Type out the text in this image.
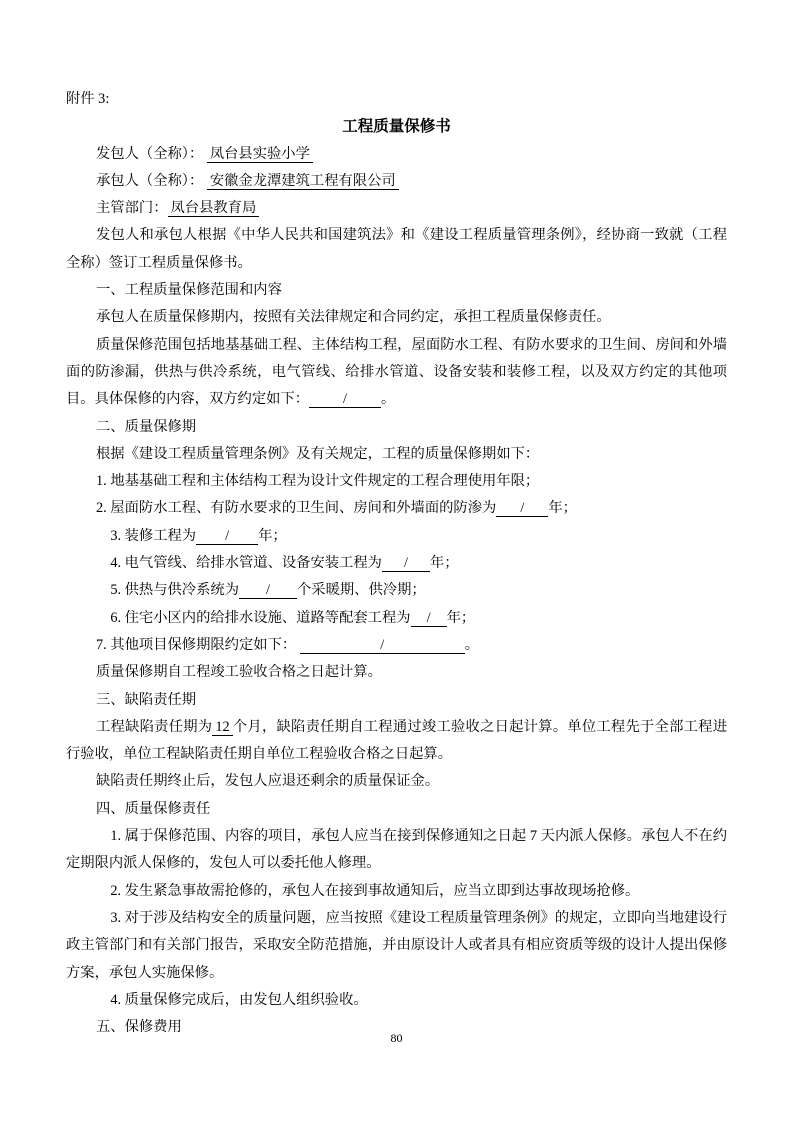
附件 3:
工程质量保修书

发包人（全称）： 凤台县实验小学

承包人（全称）： 安徽金龙潭建筑工程有限公司

主管部门： 凤台县教育局

发包人和承包人根据《中华人民共和国建筑法》和《建设工程质量管理条例》，经协商一致就（工程全称）签订工程质量保修书。

一、工程质量保修范围和内容

承包人在质量保修期内，按照有关法律规定和合同约定，承担工程质量保修责任。

质量保修范围包括地基基础工程、主体结构工程，屋面防水工程、有防水要求的卫生间、房间和外墙面的防渗漏，供热与供冷系统，电气管线、给排水管道、设备安装和装修工程，以及双方约定的其他项目。具体保修的内容，双方约定如下： / 。

二、质量保修期

根据《建设工程质量管理条例》及有关规定，工程的质量保修期如下：

1. 地基基础工程和主体结构工程为设计文件规定的工程合理使用年限；

2. 屋面防水工程、有防水要求的卫生间、房间和外墙面的防渗为 / 年；

3. 装修工程为 / 年；

4. 电气管线、给排水管道、设备安装工程为 / 年；

5. 供热与供冷系统为 / 个采暖期、供冷期；

6. 住宅小区内的给排水设施、道路等配套工程为 / 年；

7. 其他项目保修期限约定如下：	/	。

质量保修期自工程竣工验收合格之日起计算。

三、缺陷责任期

工程缺陷责任期为 12 个月，缺陷责任期自工程通过竣工验收之日起计算。单位工程先于全部工程进行验收，单位工程缺陷责任期自单位工程验收合格之日起算。

缺陷责任期终止后，发包人应退还剩余的质量保证金。

四、质量保修责任

1. 属于保修范围、内容的项目，承包人应当在接到保修通知之日起 7 天内派人保修。承包人不在约定期限内派人保修的，发包人可以委托他人修理。

2. 发生紧急事故需抢修的，承包人在接到事故通知后，应当立即到达事故现场抢修。

3. 对于涉及结构安全的质量问题，应当按照《建设工程质量管理条例》的规定，立即向当地建设行政主管部门和有关部门报告，采取安全防范措施，并由原设计人或者具有相应资质等级的设计人提出保修方案，承包人实施保修。

4. 质量保修完成后，由发包人组织验收。

五、保修费用

80
